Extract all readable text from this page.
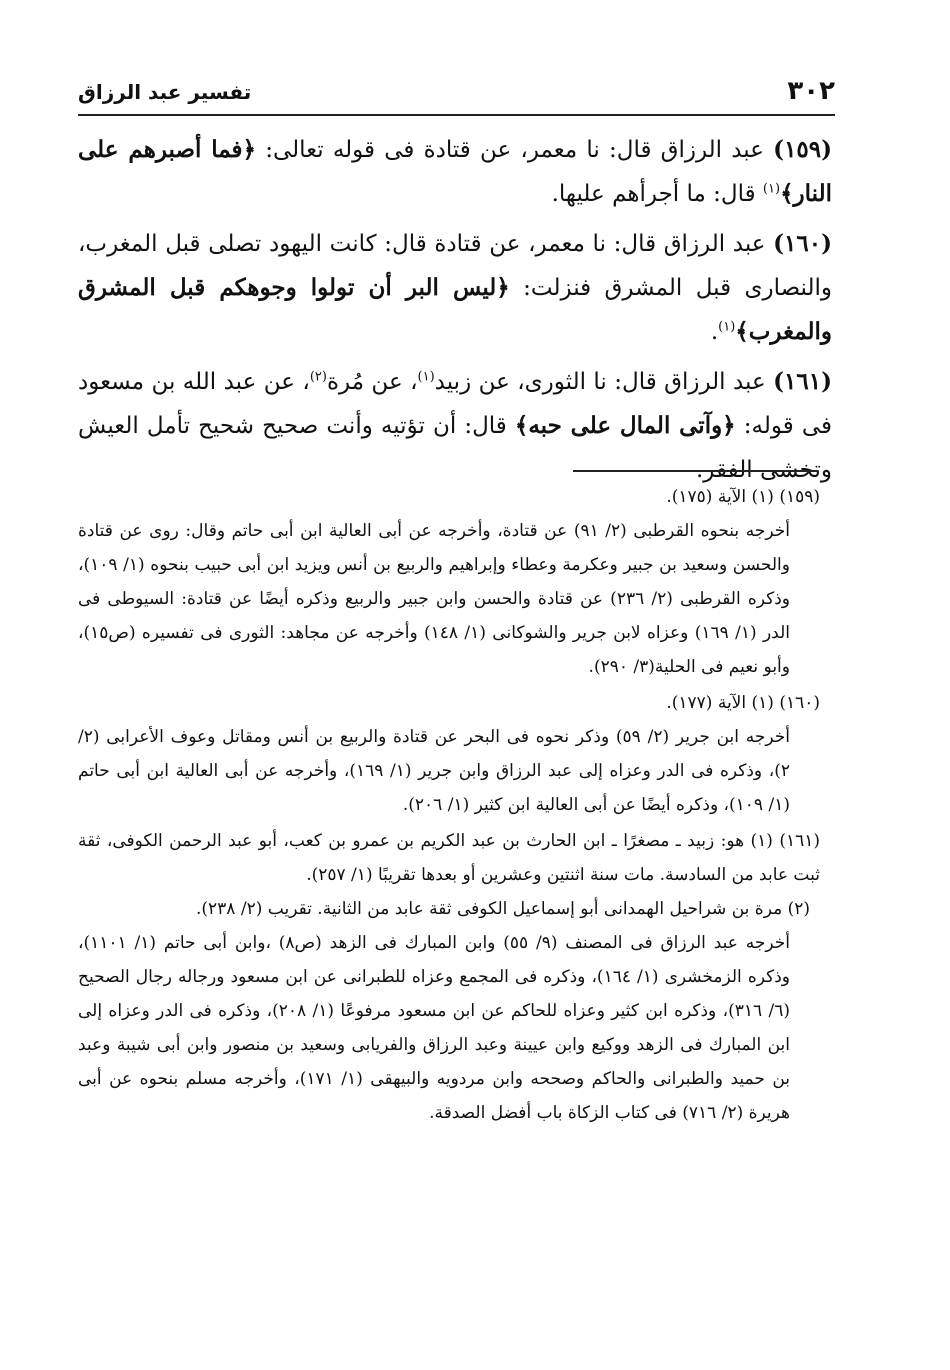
٣٠٢
تفسير عبد الرزاق

(١٥٩) عبد الرزاق قال: نا معمر، عن قتادة فى قوله تعالى: ﴿فما أصبرهم على النار﴾$^{(١)}$ قال: ما أجرأهم عليها.

(١٦٠) عبد الرزاق قال: نا معمر، عن قتادة قال: كانت اليهود تصلى قبل المغرب، والنصارى قبل المشرق فنزلت: ﴿ليس البر أن تولوا وجوهكم قبل المشرق والمغرب﴾$^{(١)}$.

(١٦١) عبد الرزاق قال: نا الثورى، عن زبيد$^{(١)}$، عن مُرة$^{(٢)}$، عن عبد الله بن مسعود فى قوله: ﴿وآتى المال على حبه﴾ قال: أن تؤتيه وأنت صحيح شحيح تأمل العيش وتخشى الفقر.

(١٥٩) (١) الآية (١٧٥).

أخرجه بنحوه القرطبى (٢/ ٩١) عن قتادة، وأخرجه عن أبى العالية ابن أبى حاتم وقال: روى عن قتادة والحسن وسعيد بن جبير وعكرمة وعطاء وإبراهيم والربيع بن أنس ويزيد ابن أبى حبيب بنحوه (١/ ١٠٩)، وذكره القرطبى (٢/ ٢٣٦) عن قتادة والحسن وابن جبير والربيع وذكره أيضًا عن قتادة: السيوطى فى الدر (١/ ١٦٩) وعزاه لابن جرير والشوكانى (١/ ١٤٨) وأخرجه عن مجاهد: الثورى فى تفسيره (ص١٥)، وأبو نعيم فى الحلية(٣/ ٢٩٠).

(١٦٠) (١) الآية (١٧٧).

أخرجه ابن جرير (٢/ ٥٩) وذكر نحوه فى البحر عن قتادة والربيع بن أنس ومقاتل وعوف الأعرابى (٢/ ٢)، وذكره فى الدر وعزاه إلى عبد الرزاق وابن جرير (١/ ١٦٩)، وأخرجه عن أبى العالية ابن أبى حاتم (١/ ١٠٩)، وذكره أيضًا عن أبى العالية ابن كثير (١/ ٢٠٦).

(١٦١) (١) هو: زبيد ـ مصغرًا ـ ابن الحارث بن عبد الكريم بن عمرو بن كعب، أبو عبد الرحمن الكوفى، ثقة ثبت عابد من السادسة. مات سنة اثنتين وعشرين أو بعدها تقريبًا (١/ ٢٥٧).

(٢) مرة بن شراحيل الهمدانى أبو إسماعيل الكوفى ثقة عابد من الثانية. تقريب (٢/ ٢٣٨).

أخرجه عبد الرزاق فى المصنف (٩/ ٥٥) وابن المبارك فى الزهد (ص٨) ،وابن أبى حاتم (١/ ١١٠١)، وذكره الزمخشرى (١/ ١٦٤)، وذكره فى المجمع وعزاه للطبرانى عن ابن مسعود ورجاله رجال الصحيح (٦/ ٣١٦)، وذكره ابن كثير وعزاه للحاكم عن ابن مسعود مرفوعًا (١/ ٢٠٨)، وذكره فى الدر وعزاه إلى ابن المبارك فى الزهد ووكيع وابن عيينة وعبد الرزاق والفريابى وسعيد بن منصور وابن أبى شيبة وعبد بن حميد والطبرانى والحاكم وصححه وابن مردويه والبيهقى (١/ ١٧١)، وأخرجه مسلم بنحوه عن أبى هريرة (٢/ ٧١٦) فى كتاب الزكاة باب أفضل الصدقة.
